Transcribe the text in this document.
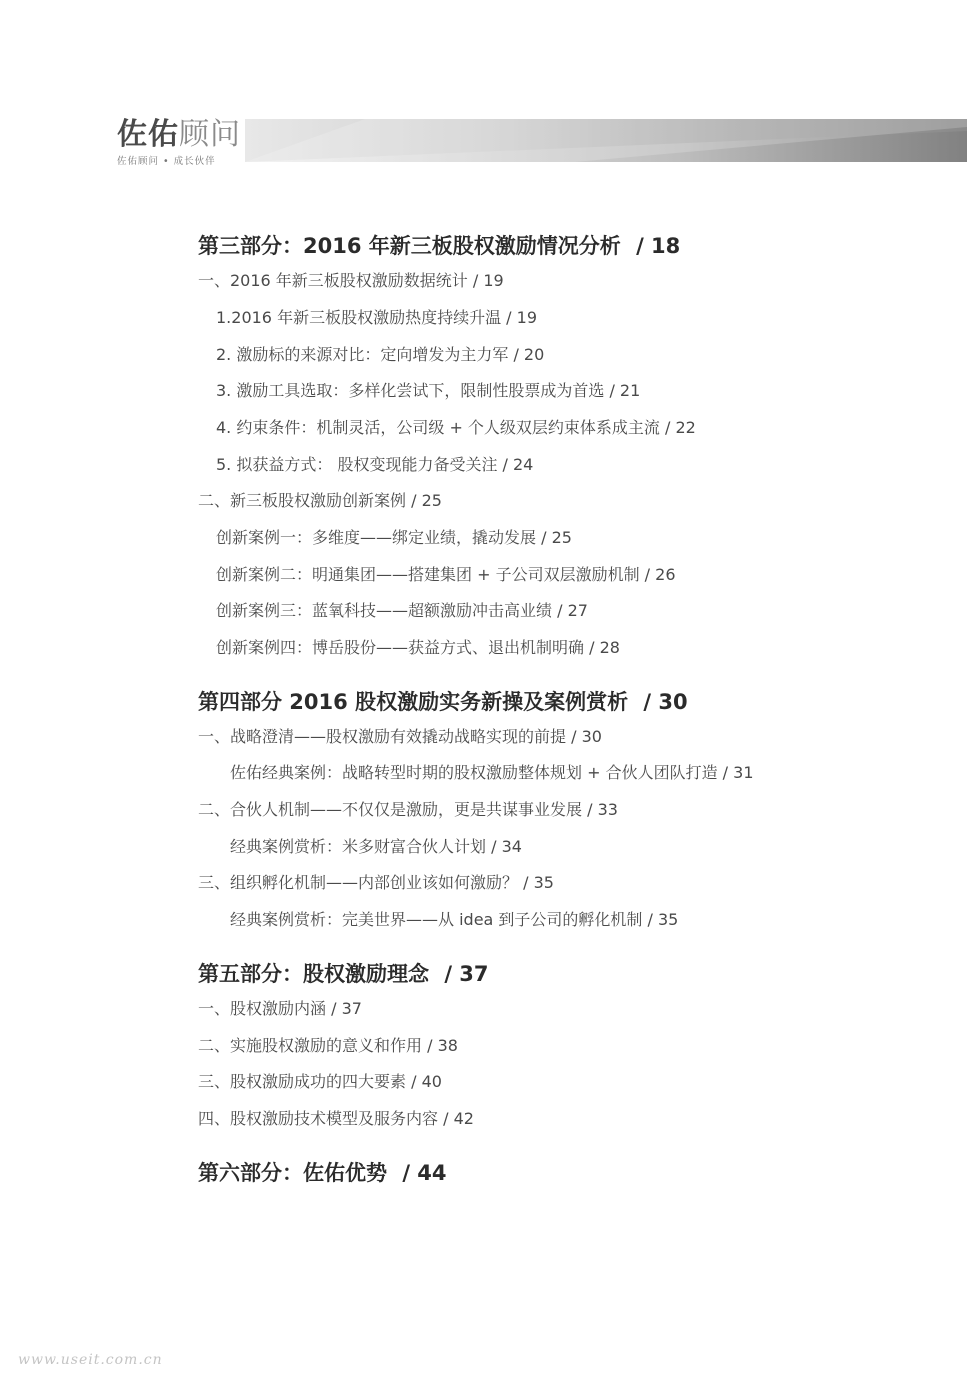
佐佑顾问
佐佑顾问 • 成长伙伴
第三部分：2016 年新三板股权激励情况分析 / 18
一、2016 年新三板股权激励数据统计 / 19
1.2016 年新三板股权激励热度持续升温 / 19
2. 激励标的来源对比：定向增发为主力军 / 20
3. 激励工具选取：多样化尝试下，限制性股票成为首选 / 21
4. 约束条件：机制灵活，公司级 + 个人级双层约束体系成主流 / 22
5. 拟获益方式： 股权变现能力备受关注 / 24
二、新三板股权激励创新案例 / 25
创新案例一：多维度——绑定业绩，撬动发展 / 25
创新案例二：明通集团——搭建集团 + 子公司双层激励机制 / 26
创新案例三：蓝氧科技——超额激励冲击高业绩 / 27
创新案例四：博岳股份——获益方式、退出机制明确 / 28
第四部分 2016 股权激励实务新操及案例赏析 / 30
一、战略澄清——股权激励有效撬动战略实现的前提 / 30
佐佑经典案例：战略转型时期的股权激励整体规划 + 合伙人团队打造 / 31
二、合伙人机制——不仅仅是激励，更是共谋事业发展 / 33
经典案例赏析：米多财富合伙人计划 / 34
三、组织孵化机制——内部创业该如何激励？ / 35
经典案例赏析：完美世界——从 idea 到子公司的孵化机制 / 35
第五部分：股权激励理念 / 37
一、股权激励内涵 / 37
二、实施股权激励的意义和作用 / 38
三、股权激励成功的四大要素 / 40
四、股权激励技术模型及服务内容 / 42
第六部分：佐佑优势 / 44
www.useit.com.cn
